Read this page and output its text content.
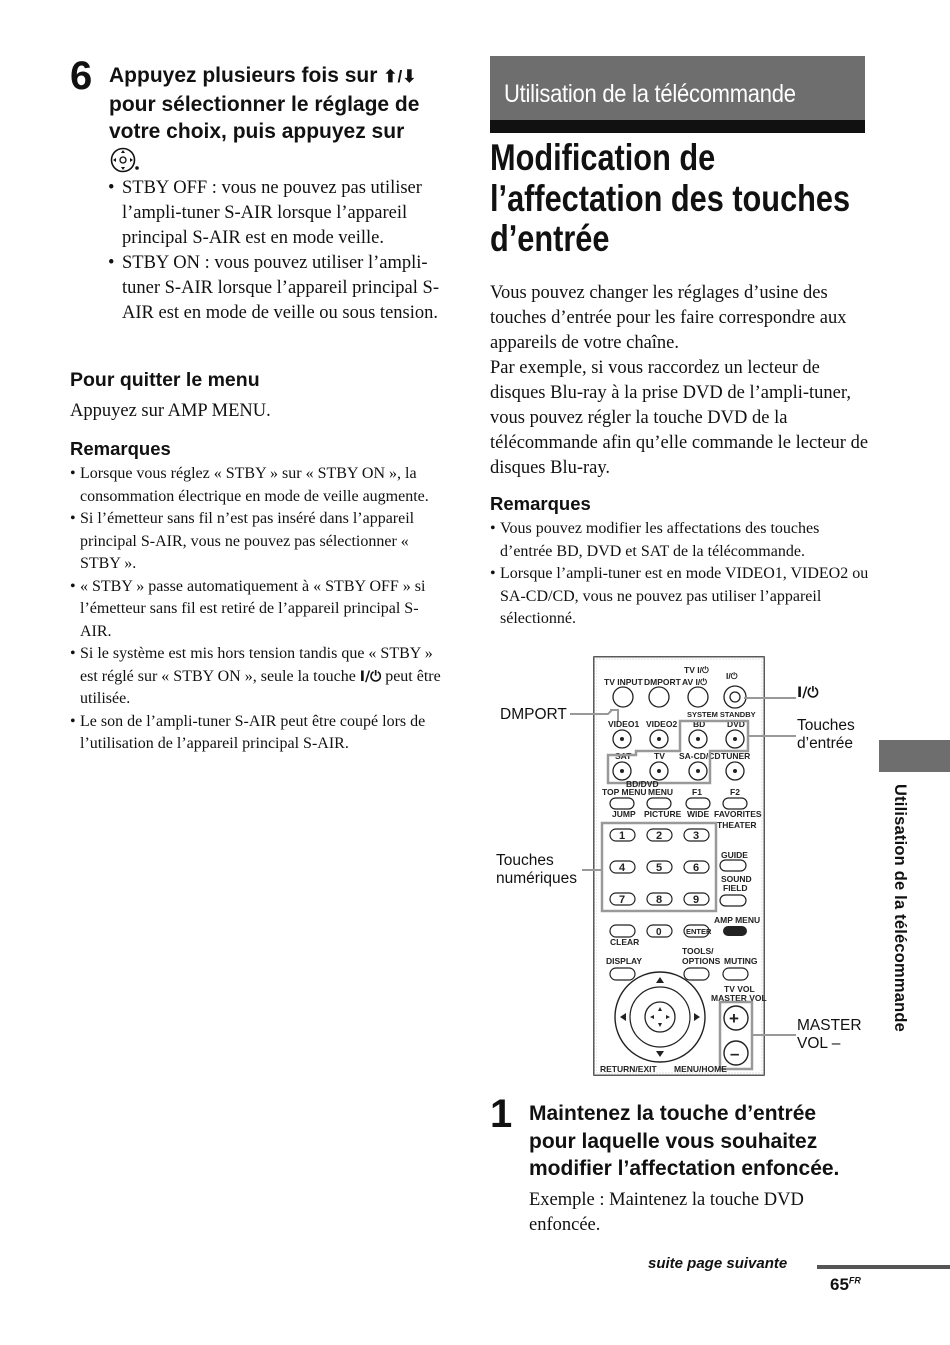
6 Appuyez plusieurs fois sur ⬆/⬇
pour sélectionner le réglage de
votre choix, puis appuyez sur
• STBY OFF : vous ne pouvez pas utiliser l’ampli-tuner S-AIR lorsque l’appareil principal S-AIR est en mode veille.
• STBY ON : vous pouvez utiliser l’ampli-tuner S-AIR lorsque l’appareil principal S-AIR est en mode de veille ou sous tension.
Pour quitter le menu
Appuyez sur AMP MENU.
Remarques
• Lorsque vous réglez « STBY » sur « STBY ON », la consommation électrique en mode de veille augmente.
• Si l’émetteur sans fil n’est pas inséré dans l’appareil principal S-AIR, vous ne pouvez pas sélectionner « STBY ».
• « STBY » passe automatiquement à « STBY OFF » si l’émetteur sans fil est retiré de l’appareil principal S-AIR.
• Si le système est mis hors tension tandis que « STBY » est réglé sur « STBY ON », seule la touche I/⏻ peut être utilisée.
• Le son de l’ampli-tuner S-AIR peut être coupé lors de l’utilisation de l’appareil principal S-AIR.
Utilisation de la télécommande
Modification de
l’affectation des touches
d’entrée
Vous pouvez changer les réglages d’usine des touches d’entrée pour les faire correspondre aux appareils de votre chaîne.
Par exemple, si vous raccordez un lecteur de disques Blu-ray à la prise DVD de l’ampli-tuner, vous pouvez régler la touche DVD de la télécommande afin qu’elle commande le lecteur de disques Blu-ray.
Remarques
• Vous pouvez modifier les affectations des touches d’entrée BD, DVD et SAT de la télécommande.
• Lorsque l’ampli-tuner est en mode VIDEO1, VIDEO2 ou SA-CD/CD, vous ne pouvez pas utiliser l’appareil sélectionné.
TV INPUT DMPORT
TV I/⏻
AV I/⏻
I/⏻
SYSTEM STANDBY
VIDEO1 VIDEO2 BD	DVD
SAT	TV SA-CD/CD TUNER
BD/DVD
TOP MENU MENU F1	F2
JUMP PICTURE WIDE FAVORITES
THEATER
1	2	3
4	5	6
7	8	9
0
GUIDE
SOUND
FIELD
CLEAR
ENTER
AMP MENU
DISPLAY
TOOLS/
OPTIONS MUTING
TV VOL
MASTER VOL
+
–
RETURN/EXIT MENU/HOME
DMPORT
I/⏻
Touches
d’entrée
Touches
numériques
MASTER
VOL –
1 Maintenez la touche d’entrée
pour laquelle vous souhaitez
modifier l’affectation enfoncée.
Exemple : Maintenez la touche DVD enfoncée.
Utilisation de la télécommande
suite page suivante
$65^{FR}$
